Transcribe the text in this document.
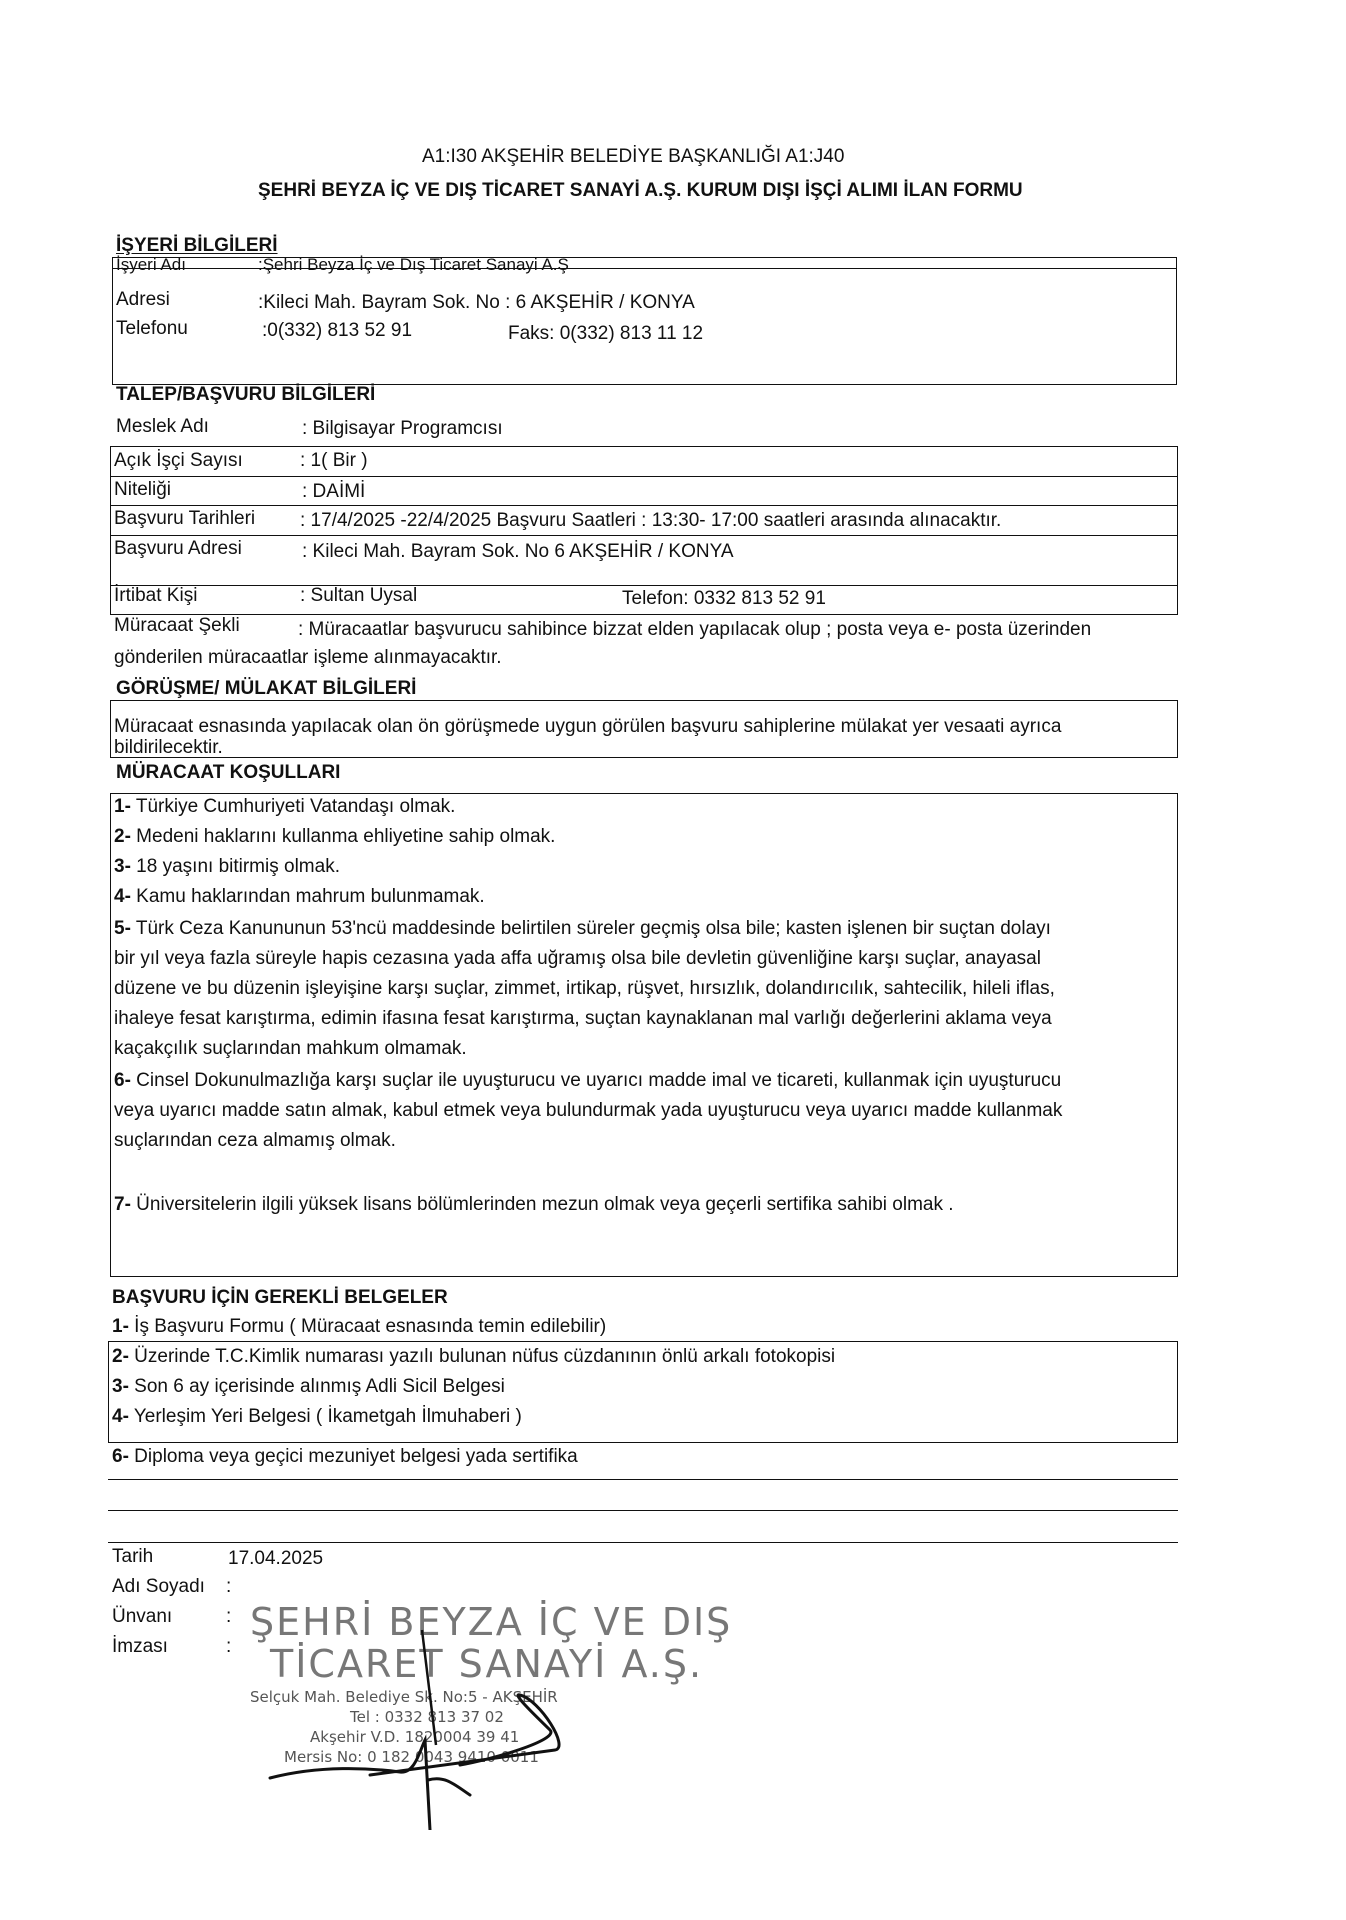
A1:I30 AKŞEHİR BELEDİYE BAŞKANLIĞI A1:J40
ŞEHRİ BEYZA İÇ VE DIŞ TİCARET SANAYİ A.Ş. KURUM DIŞI İŞÇİ ALIMI İLAN FORMU
İŞYERİ BİLGİLERİ
İşyeri Adı	:Şehri Beyza İç ve Dış Ticaret Sanayi A.Ş
Adresi	:Kileci Mah. Bayram Sok. No : 6 AKŞEHİR / KONYA
Telefonu	:0(332) 813 52 91	Faks: 0(332) 813 11 12
TALEP/BAŞVURU BİLGİLERİ
Meslek Adı	: Bilgisayar Programcısı
Açık İşçi Sayısı	: 1( Bir )
Niteliği	: DAİMİ
Başvuru Tarihleri : 17/4/2025 -22/4/2025 Başvuru Saatleri : 13:30- 17:00 saatleri arasında alınacaktır.
Başvuru Adresi	: Kileci Mah. Bayram Sok. No 6 AKŞEHİR / KONYA
İrtibat Kişi	: Sultan Uysal	Telefon: 0332 813 52 91
Müracaat Şekli	: Müracaatlar başvurucu sahibince bizzat elden yapılacak olup ; posta veya e- posta üzerinden
gönderilen müracaatlar işleme alınmayacaktır.
GÖRÜŞME/ MÜLAKAT BİLGİLERİ
Müracaat esnasında yapılacak olan ön görüşmede uygun görülen başvuru sahiplerine mülakat yer vesaati ayrıca
bildirilecektir.
MÜRACAAT KOŞULLARI
1- Türkiye Cumhuriyeti Vatandaşı olmak.
2- Medeni haklarını kullanma ehliyetine sahip olmak.
3- 18 yaşını bitirmiş olmak.
4- Kamu haklarından mahrum bulunmamak.
5- Türk Ceza Kanununun 53'ncü maddesinde belirtilen süreler geçmiş olsa bile; kasten işlenen bir suçtan dolayı
bir yıl veya fazla süreyle hapis cezasına yada affa uğramış olsa bile devletin güvenliğine karşı suçlar, anayasal
düzene ve bu düzenin işleyişine karşı suçlar, zimmet, irtikap, rüşvet, hırsızlık, dolandırıcılık, sahtecilik, hileli iflas,
ihaleye fesat karıştırma, edimin ifasına fesat karıştırma, suçtan kaynaklanan mal varlığı değerlerini aklama veya
kaçakçılık suçlarından mahkum olmamak.
6- Cinsel Dokunulmazlığa karşı suçlar ile uyuşturucu ve uyarıcı madde imal ve ticareti, kullanmak için uyuşturucu
veya uyarıcı madde satın almak, kabul etmek veya bulundurmak yada uyuşturucu veya uyarıcı madde kullanmak
suçlarından ceza almamış olmak.
7- Üniversitelerin ilgili yüksek lisans bölümlerinden mezun olmak veya geçerli sertifika sahibi olmak .
BAŞVURU İÇİN GEREKLİ BELGELER
1- İş Başvuru Formu ( Müracaat esnasında temin edilebilir)
2- Üzerinde T.C.Kimlik numarası yazılı bulunan nüfus cüzdanının önlü arkalı fotokopisi
3- Son 6 ay içerisinde alınmış Adli Sicil Belgesi
4- Yerleşim Yeri Belgesi ( İkametgah İlmuhaberi )
6- Diploma veya geçici mezuniyet belgesi yada sertifika
Tarih	17.04.2025
Adı Soyadı :
Ünvanı	:
İmzası	:
ŞEHRİ BEYZA İÇ VE DIŞ
TİCARET SANAYİ A.Ş.
Selçuk Mah. Belediye Sk. No:5 - AKŞEHİR
Tel : 0332 813 37 02
Akşehir V.D. 1820004 39 41
Mersis No: 0 182 0043 9410 0011
